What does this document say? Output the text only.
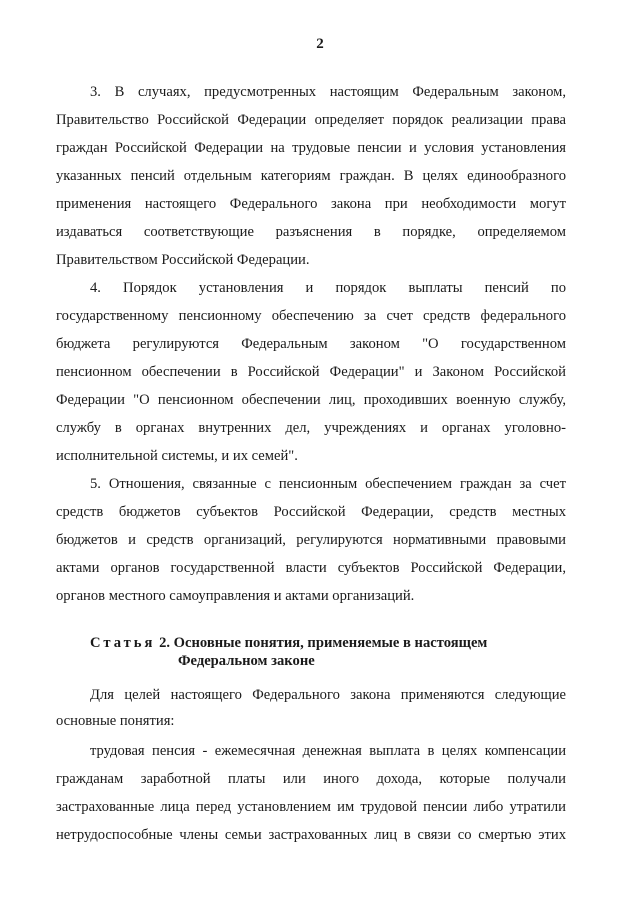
2
3. В случаях, предусмотренных настоящим Федеральным законом,
Правительство Российской Федерации определяет порядок реализации права
граждан Российской Федерации на трудовые пенсии и условия установления
указанных пенсий отдельным категориям граждан. В целях единообразного
применения настоящего Федерального закона при необходимости могут
издаваться соответствующие разъяснения в порядке, определяемом
Правительством Российской Федерации.
4. Порядок установления и порядок выплаты пенсий по
государственному пенсионному обеспечению за счет средств федерального
бюджета регулируются Федеральным законом "О государственном
пенсионном обеспечении в Российской Федерации" и Законом Российской
Федерации "О пенсионном обеспечении лиц, проходивших военную службу,
службу в органах внутренних дел, учреждениях и органах уголовно-
исполнительной системы, и их семей".
5. Отношения, связанные с пенсионным обеспечением граждан за счет
средств бюджетов субъектов Российской Федерации, средств местных
бюджетов и средств организаций, регулируются нормативными правовыми
актами органов государственной власти субъектов Российской Федерации,
органов местного самоуправления и актами организаций.
Статья 2. Основные понятия, применяемые в настоящем
Федеральном законе
Для целей настоящего Федерального закона применяются следующие
основные понятия:
трудовая пенсия - ежемесячная денежная выплата в целях компенсации
гражданам заработной платы или иного дохода, которые получали
застрахованные лица перед установлением им трудовой пенсии либо утратили
нетрудоспособные члены семьи застрахованных лиц в связи со смертью этих
